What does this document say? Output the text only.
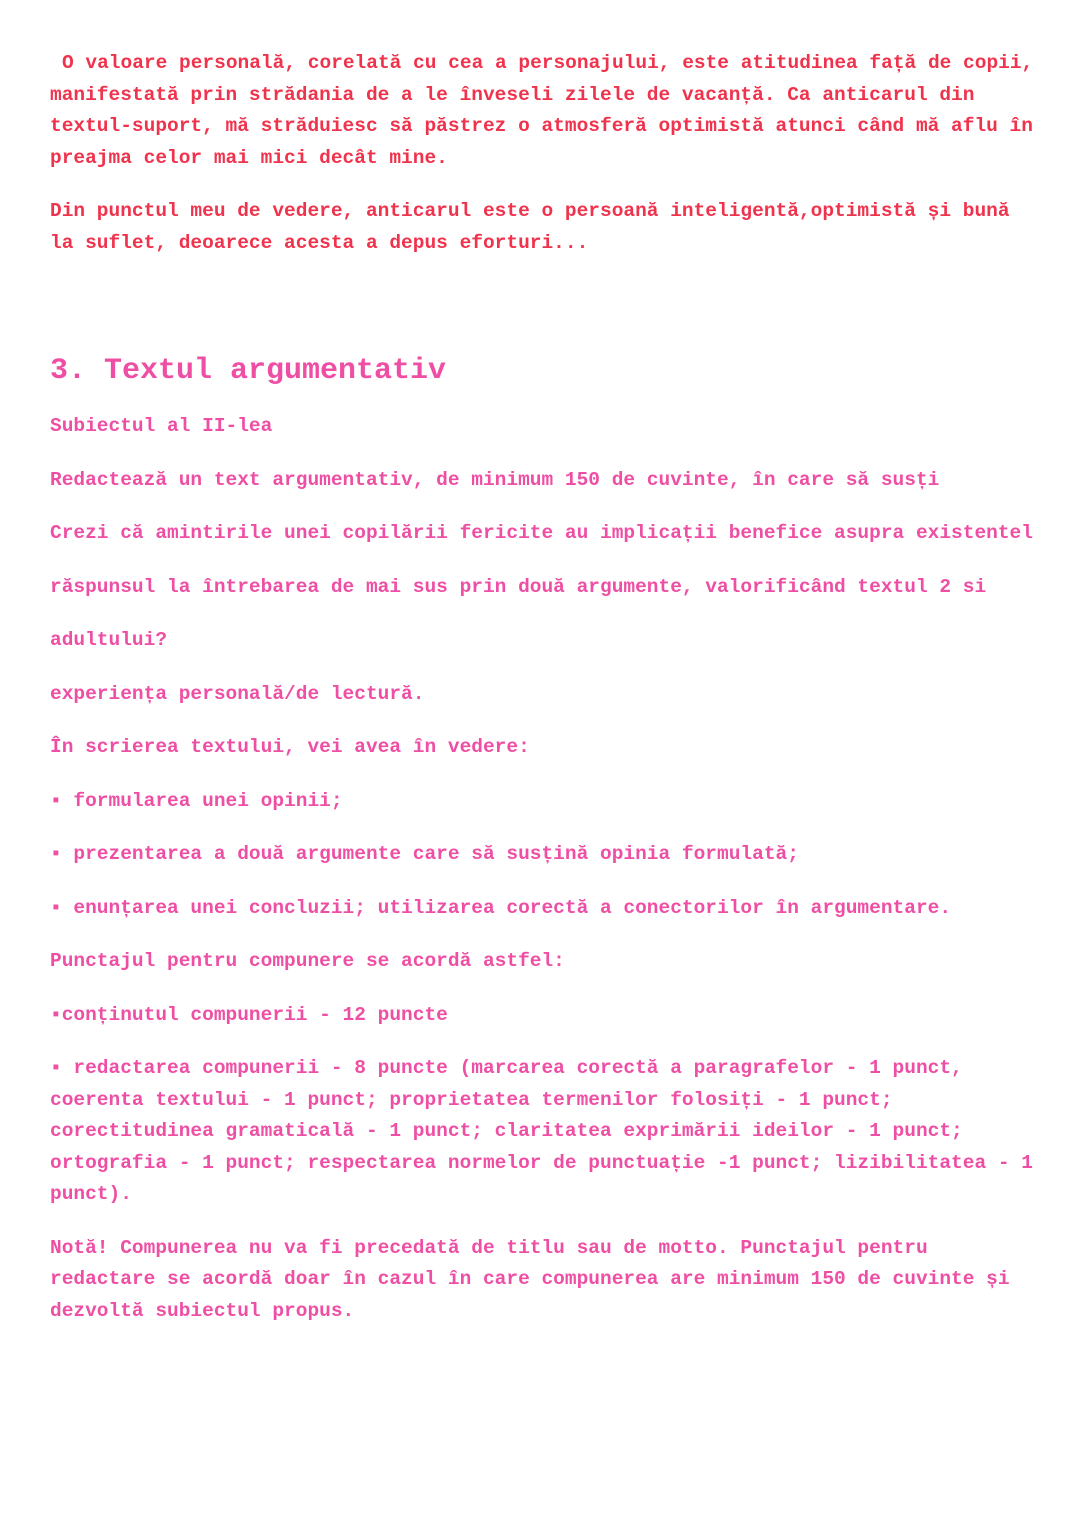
O valoare personală, corelată cu cea a personajului, este atitudinea față de copii, manifestată prin strădania de a le înveseli zilele de vacanță. Ca anticarul din textul-suport, mă străduiesc să păstrez o atmosferă optimistă atunci când mă aflu în preajma celor mai mici decât mine.

Din punctul meu de vedere, anticarul este o persoană inteligentă,optimistă și bună la suflet, deoarece acesta a depus eforturi...

3. Textul argumentativ

Subiectul al II-lea

Redactează un text argumentativ, de minimum 150 de cuvinte, în care să susți

Crezi că amintirile unei copilării fericite au implicații benefice asupra existentel

răspunsul la întrebarea de mai sus prin două argumente, valorificând textul 2 si

adultului?

experiența personală/de lectură.

În scrierea textului, vei avea în vedere:

▪ formularea unei opinii;

▪ prezentarea a două argumente care să susțină opinia formulată;

▪ enunțarea unei concluzii; utilizarea corectă a conectorilor în argumentare.

Punctajul pentru compunere se acordă astfel:

▪conținutul compunerii - 12 puncte

▪ redactarea compunerii - 8 puncte (marcarea corectă a paragrafelor - 1 punct, coerenta textului - 1 punct; proprietatea termenilor folosiți - 1 punct; corectitudinea gramaticală - 1 punct; claritatea exprimării ideilor - 1 punct; ortografia - 1 punct; respectarea normelor de punctuație -1 punct; lizibilitatea - 1 punct).

Notă! Compunerea nu va fi precedată de titlu sau de motto. Punctajul pentru redactare se acordă doar în cazul în care compunerea are minimum 150 de cuvinte și dezvoltă subiectul propus.
